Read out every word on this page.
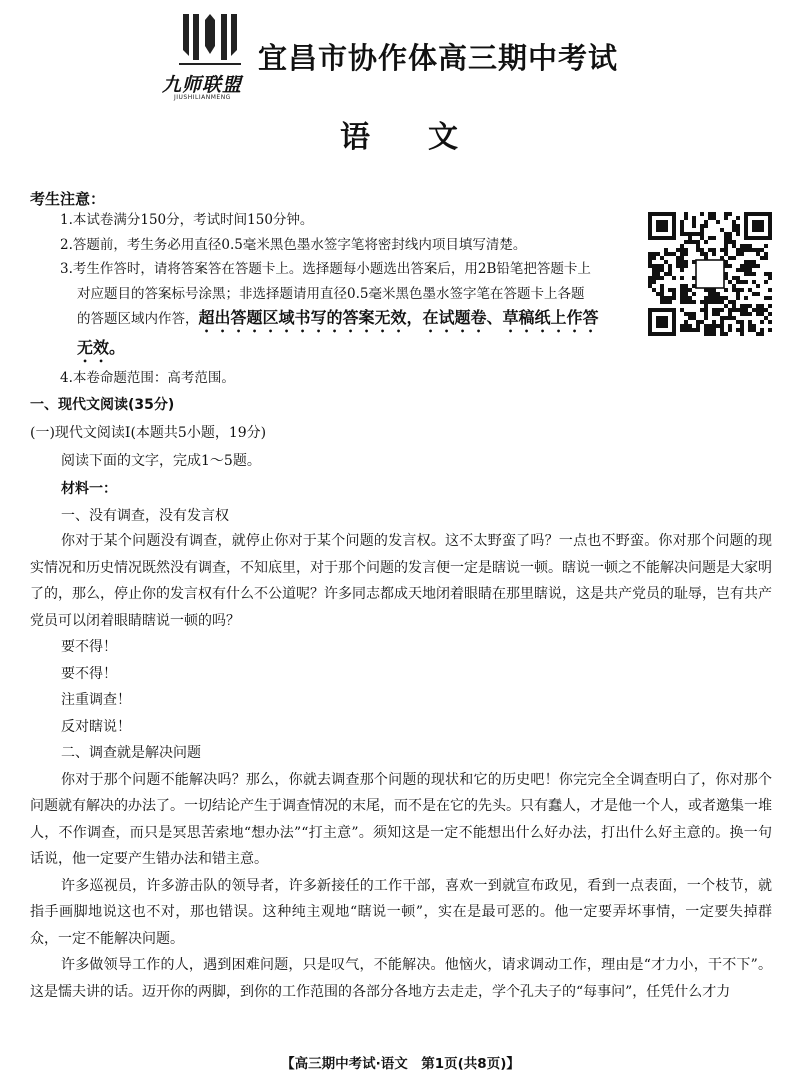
九师联盟
JIUSHILIANMENG
宜昌市协作体高三期中考试
语文
考生注意：

1.本试卷满分150分，考试时间150分钟。

2.答题前，考生务必用直径0.5毫米黑色墨水签字笔将密封线内项目填写清楚。

3.考生作答时，请将答案答在答题卡上。选择题每小题选出答案后，用2B铅笔把答题卡上

对应题目的答案标号涂黑；非选择题请用直径0.5毫米黑色墨水签字笔在答题卡上各题

的答题区域内作答，超出答题区域书写的答案无效，在试题卷、草稿纸上作答

无效。

4.本卷命题范围：高考范围。

一、现代文阅读(35分)
(一)现代文阅读Ⅰ(本题共5小题，19分)
阅读下面的文字，完成1～5题。
材料一：
一、没有调查，没有发言权

你对于某个问题没有调查，就停止你对于某个问题的发言权。这不太野蛮了吗？一点也不野蛮。你对那个问题的现实情况和历史情况既然没有调查，不知底里，对于那个问题的发言便一定是瞎说一顿。瞎说一顿之不能解决问题是大家明了的，那么，停止你的发言权有什么不公道呢？许多同志都成天地闭着眼睛在那里瞎说，这是共产党员的耻辱，岂有共产党员可以闭着眼睛瞎说一顿的吗？

要不得！

要不得！

注重调查！

反对瞎说！

二、调查就是解决问题

你对于那个问题不能解决吗？那么，你就去调查那个问题的现状和它的历史吧！你完完全全调查明白了，你对那个问题就有解决的办法了。一切结论产生于调查情况的末尾，而不是在它的先头。只有蠢人，才是他一个人，或者邀集一堆人，不作调查，而只是冥思苦索地“想办法”“打主意”。须知这是一定不能想出什么好办法，打出什么好主意的。换一句话说，他一定要产生错办法和错主意。

许多巡视员，许多游击队的领导者，许多新接任的工作干部，喜欢一到就宣布政见，看到一点表面，一个枝节，就指手画脚地说这也不对，那也错误。这种纯主观地“瞎说一顿”，实在是最可恶的。他一定要弄坏事情，一定要失掉群众，一定不能解决问题。

许多做领导工作的人，遇到困难问题，只是叹气，不能解决。他恼火，请求调动工作，理由是“才力小，干不下”。这是懦夫讲的话。迈开你的两脚，到你的工作范围的各部分各地方去走走，学个孔夫子的“每事问”，任凭什么才力

【高三期中考试·语文　第1页(共8页)】
